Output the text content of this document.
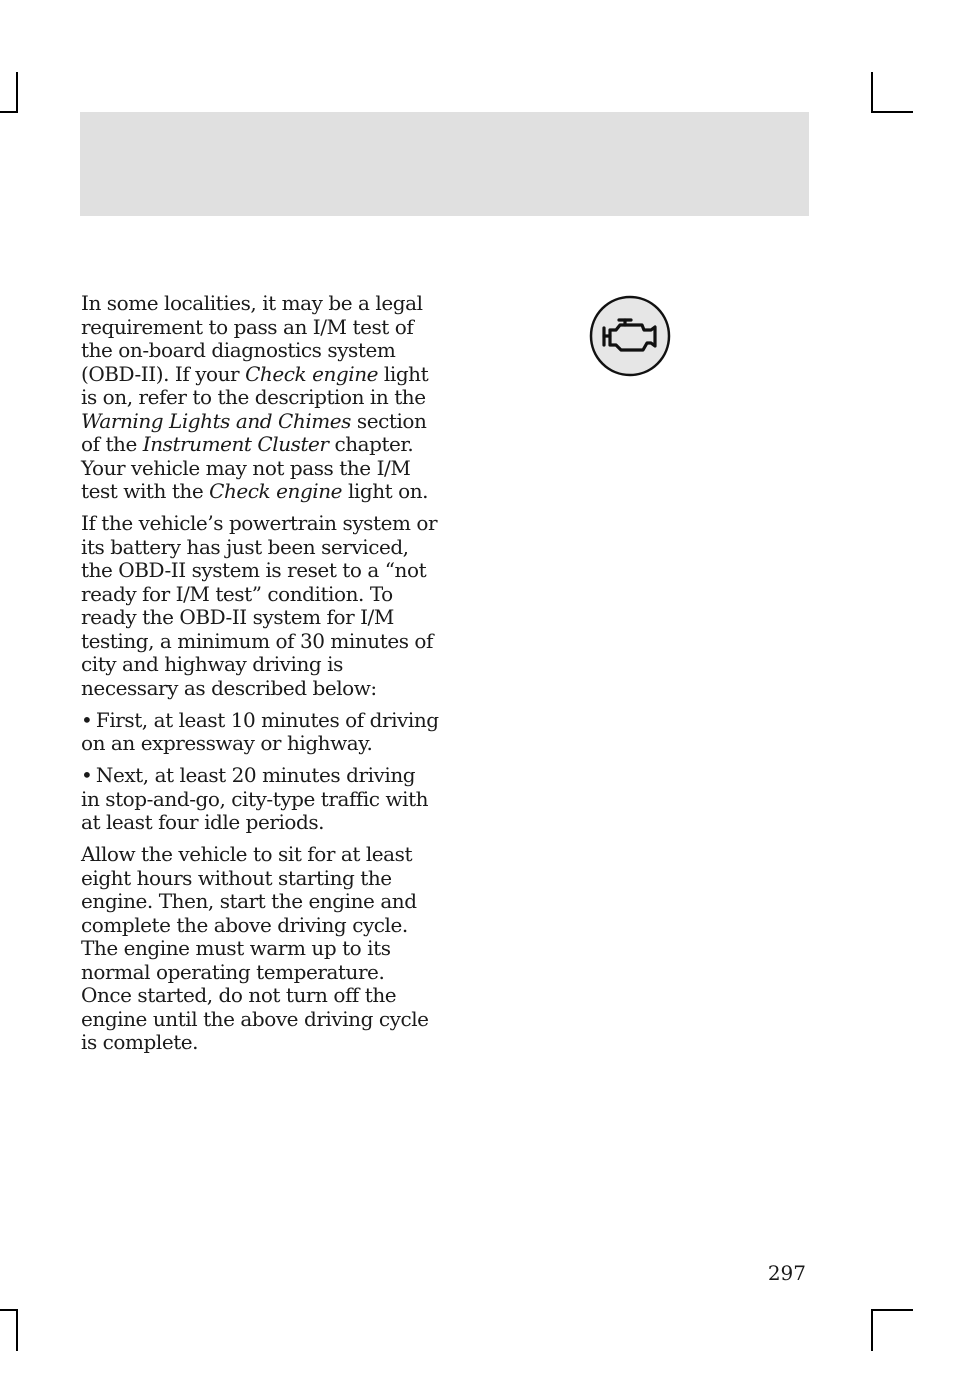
In some localities, it may be a legal requirement to pass an I/M test of the on-board diagnostics system (OBD-II). If your Check engine light is on, refer to the description in the Warning Lights and Chimes section of the Instrument Cluster chapter. Your vehicle may not pass the I/M test with the Check engine light on.

If the vehicle’s powertrain system or its battery has just been serviced, the OBD-II system is reset to a “not ready for I/M test” condition. To ready the OBD-II system for I/M testing, a minimum of 30 minutes of city and highway driving is necessary as described below:

•  First, at least 10 minutes of driving on an expressway or highway.

•  Next, at least 20 minutes driving in stop-and-go, city-type traffic with at least four idle periods.

Allow the vehicle to sit for at least eight hours without starting the engine. Then, start the engine and complete the above driving cycle. The engine must warm up to its normal operating temperature. Once started, do not turn off the engine until the above driving cycle is complete.

297
